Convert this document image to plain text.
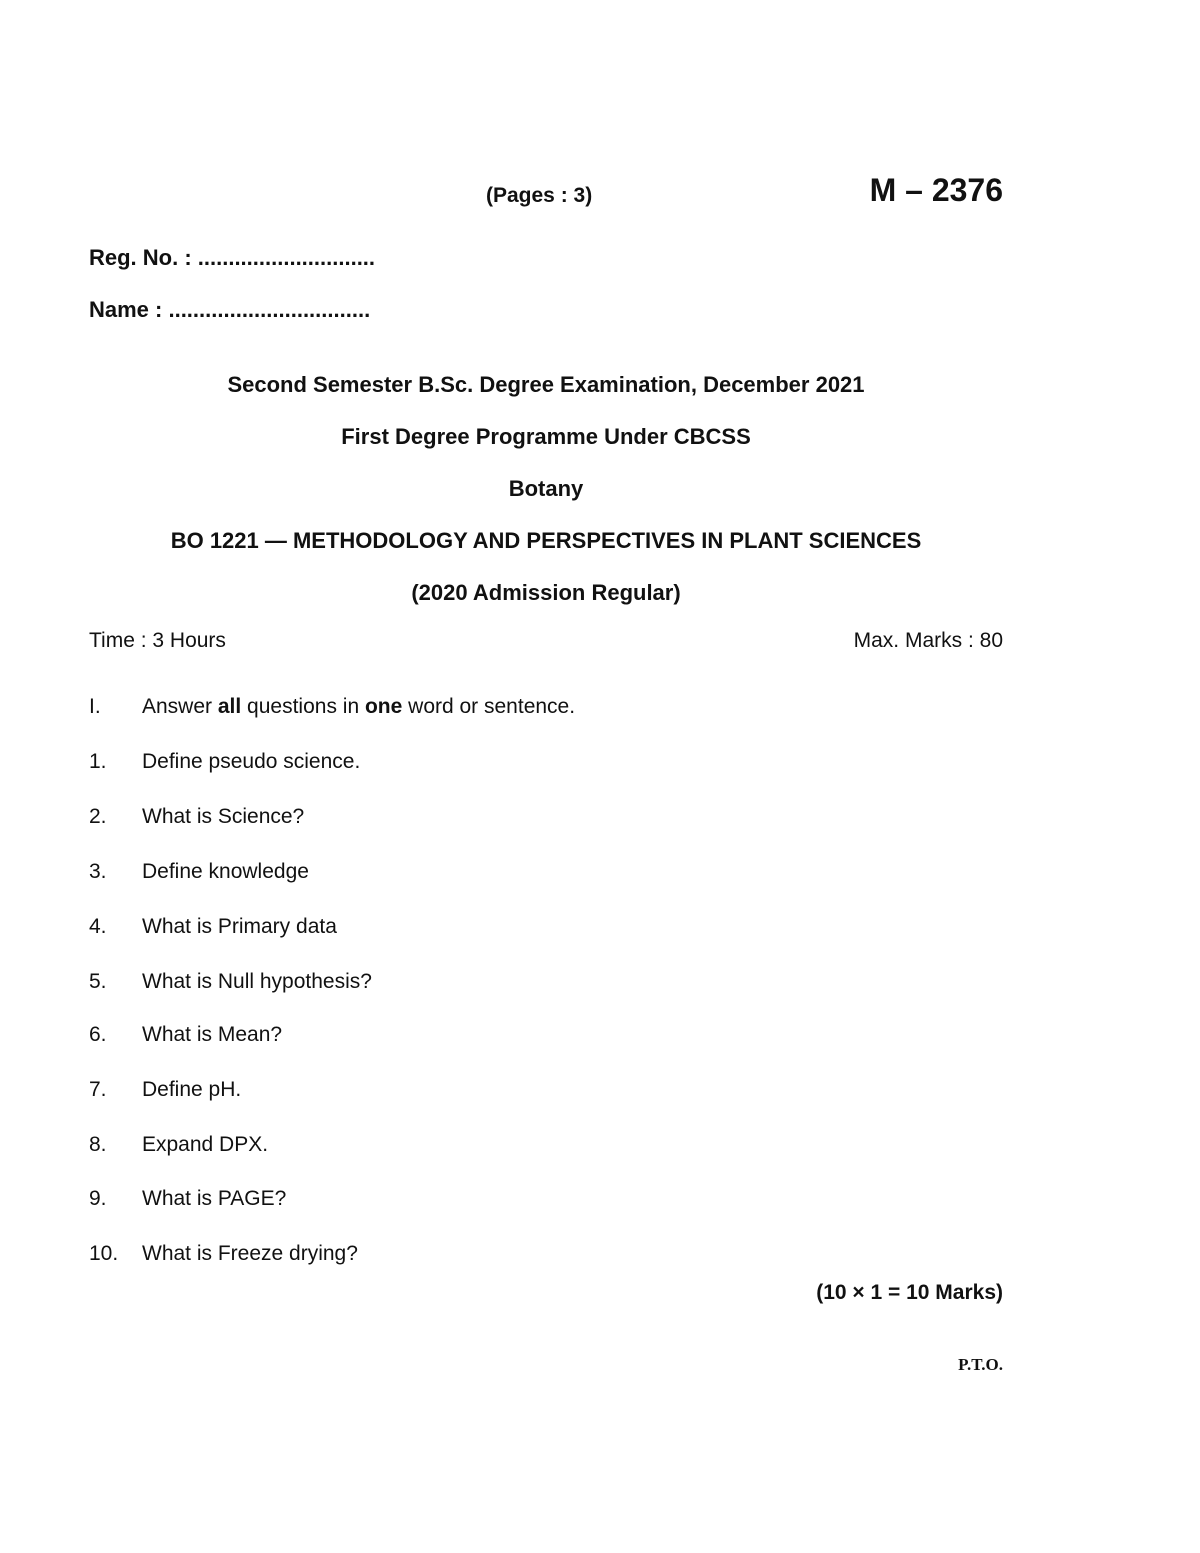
(Pages : 3)	M – 2376
Reg. No. : .............................
Name : .................................
Second Semester B.Sc. Degree Examination, December 2021
First Degree Programme Under CBCSS
Botany
BO 1221 — METHODOLOGY AND PERSPECTIVES IN PLANT SCIENCES
(2020 Admission Regular)
Time : 3 Hours	Max. Marks : 80
I. Answer all questions in one word or sentence.
1. Define pseudo science.
2. What is Science?
3. Define knowledge
4. What is Primary data
5. What is Null hypothesis?
6. What is Mean?
7. Define pH.
8. Expand DPX.
9. What is PAGE?
10. What is Freeze drying?
(10 × 1 = 10 Marks)
P.T.O.
